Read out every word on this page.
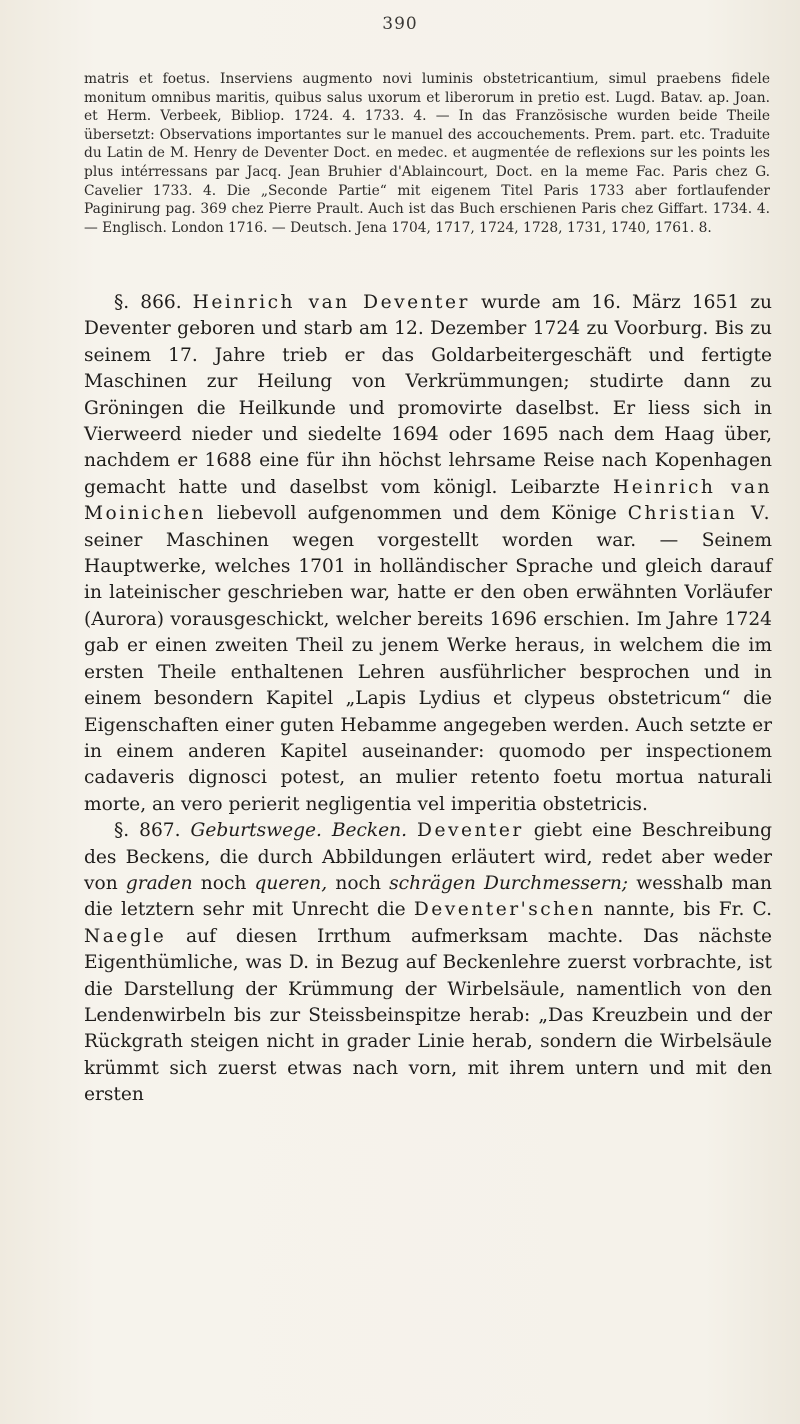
390
matris et foetus. Inserviens augmento novi luminis obstetricantium, simul praebens fidele monitum omnibus maritis, quibus salus uxorum et liberorum in pretio est. Lugd. Batav. ap. Joan. et Herm. Verbeek, Bibliop. 1724. 4. 1733. 4. — In das Französische wurden beide Theile übersetzt: Observations importantes sur le manuel des accouchements. Prem. part. etc. Traduite du Latin de M. Henry de Deventer Doct. en medec. et augmentée de reflexions sur les points les plus intérressans par Jacq. Jean Bruhier d'Ablaincourt, Doct. en la meme Fac. Paris chez G. Cavelier 1733. 4. Die „Seconde Partie“ mit eigenem Titel Paris 1733 aber fortlaufender Paginirung pag. 369 chez Pierre Prault. Auch ist das Buch erschienen Paris chez Giffart. 1734. 4. — Englisch. London 1716. — Deutsch. Jena 1704, 1717, 1724, 1728, 1731, 1740, 1761. 8.

§. 866. Heinrich van Deventer wurde am 16. März 1651 zu Deventer geboren und starb am 12. Dezember 1724 zu Voorburg. Bis zu seinem 17. Jahre trieb er das Goldarbeitergeschäft und fertigte Maschinen zur Heilung von Verkrümmungen; studirte dann zu Gröningen die Heilkunde und promovirte daselbst. Er liess sich in Vierweerd nieder und siedelte 1694 oder 1695 nach dem Haag über, nachdem er 1688 eine für ihn höchst lehrsame Reise nach Kopenhagen gemacht hatte und daselbst vom königl. Leibarzte Heinrich van Moinichen liebevoll aufgenommen und dem Könige Christian V. seiner Maschinen wegen vorgestellt worden war. — Seinem Hauptwerke, welches 1701 in holländischer Sprache und gleich darauf in lateinischer geschrieben war, hatte er den oben erwähnten Vorläufer (Aurora) vorausgeschickt, welcher bereits 1696 erschien. Im Jahre 1724 gab er einen zweiten Theil zu jenem Werke heraus, in welchem die im ersten Theile enthaltenen Lehren ausführlicher besprochen und in einem besondern Kapitel „Lapis Lydius et clypeus obstetricum“ die Eigenschaften einer guten Hebamme angegeben werden. Auch setzte er in einem anderen Kapitel auseinander: quomodo per inspectionem cadaveris dignosci potest, an mulier retento foetu mortua naturali morte, an vero perierit negligentia vel imperitia obstetricis.

§. 867. Geburtswege. Becken. Deventer giebt eine Beschreibung des Beckens, die durch Abbildungen erläutert wird, redet aber weder von graden noch queren, noch schrägen Durchmessern; wesshalb man die letztern sehr mit Unrecht die Deventer'schen nannte, bis Fr. C. Naegle auf diesen Irrthum aufmerksam machte. Das nächste Eigenthümliche, was D. in Bezug auf Beckenlehre zuerst vorbrachte, ist die Darstellung der Krümmung der Wirbelsäule, namentlich von den Lendenwirbeln bis zur Steissbeinspitze herab: „Das Kreuzbein und der Rückgrath steigen nicht in grader Linie herab, sondern die Wirbelsäule krümmt sich zuerst etwas nach vorn, mit ihrem untern und mit den ersten
